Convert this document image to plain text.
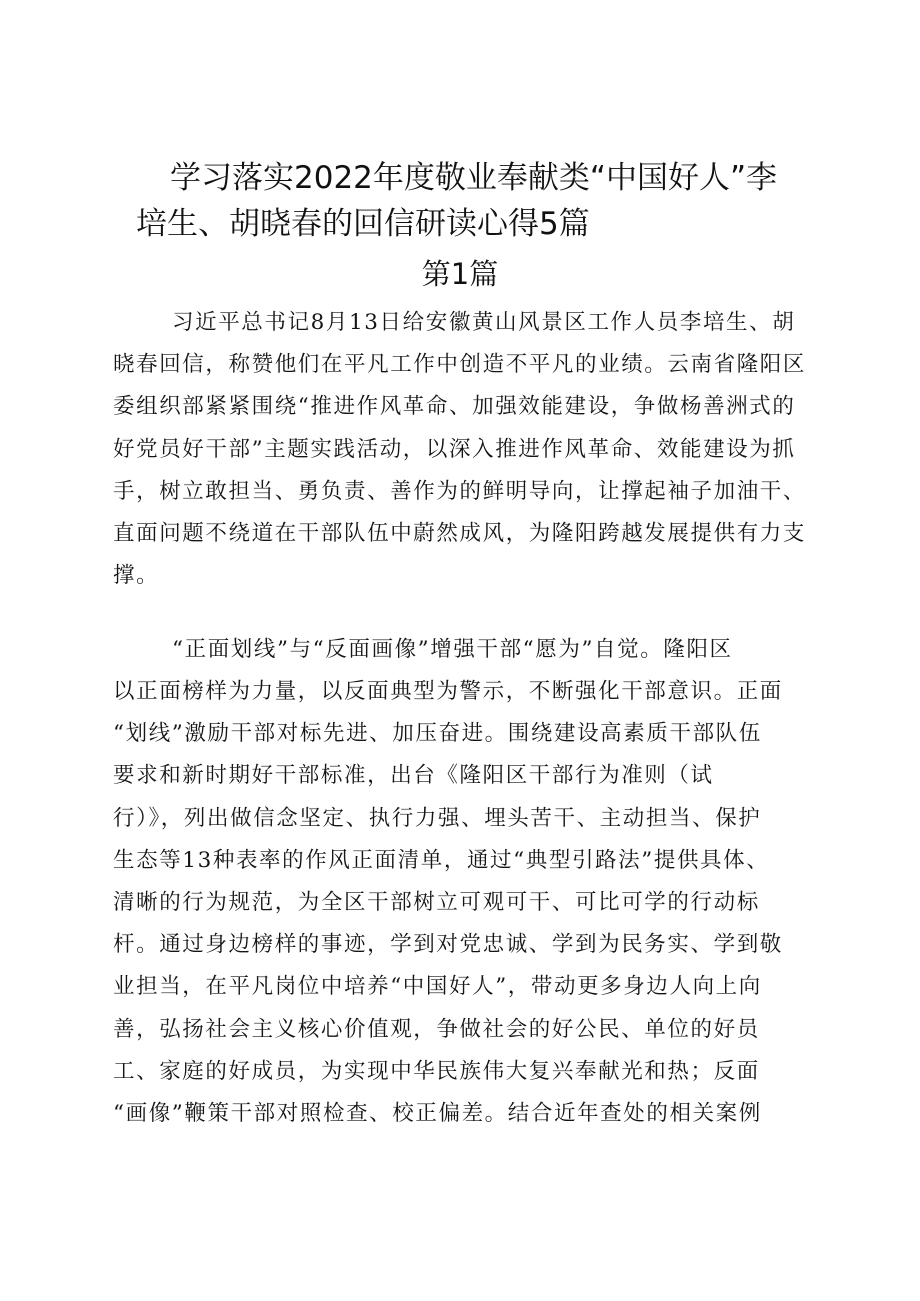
学习落实2022年度敬业奉献类“中国好人”李
培生、胡晓春的回信研读心得5篇
第1篇
习近平总书记8月13日给安徽黄山风景区工作人员李培生、胡
晓春回信，称赞他们在平凡工作中创造不平凡的业绩。云南省隆阳区
委组织部紧紧围绕“推进作风革命、加强效能建设，争做杨善洲式的
好党员好干部”主题实践活动，以深入推进作风革命、效能建设为抓
手，树立敢担当、勇负责、善作为的鲜明导向，让撑起袖子加油干、
直面问题不绕道在干部队伍中蔚然成风，为隆阳跨越发展提供有力支
撑。
“正面划线”与“反面画像”增强干部“愿为”自觉。隆阳区
以正面榜样为力量，以反面典型为警示，不断强化干部意识。正面
“划线”激励干部对标先进、加压奋进。围绕建设高素质干部队伍
要求和新时期好干部标准，出台《隆阳区干部行为准则（试
行）》，列出做信念坚定、执行力强、埋头苦干、主动担当、保护
生态等13种表率的作风正面清单，通过“典型引路法”提供具体、
清晰的行为规范，为全区干部树立可观可干、可比可学的行动标
杆。通过身边榜样的事迹，学到对党忠诚、学到为民务实、学到敬
业担当，在平凡岗位中培养“中国好人”，带动更多身边人向上向
善，弘扬社会主义核心价值观，争做社会的好公民、单位的好员
工、家庭的好成员，为实现中华民族伟大复兴奉献光和热；反面
“画像”鞭策干部对照检查、校正偏差。结合近年查处的相关案例
